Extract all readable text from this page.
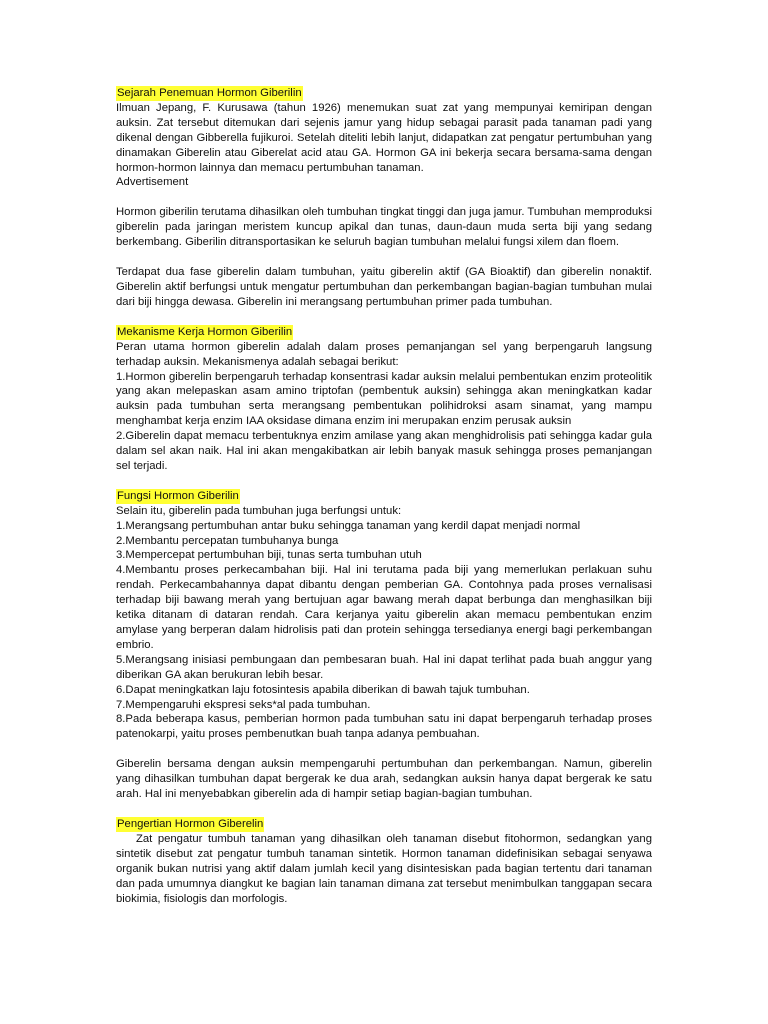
Sejarah Penemuan Hormon Giberilin

Ilmuan Jepang, F. Kurusawa (tahun 1926) menemukan suat zat yang mempunyai kemiripan dengan auksin. Zat tersebut ditemukan dari sejenis jamur yang hidup sebagai parasit pada tanaman padi yang dikenal dengan Gibberella fujikuroi. Setelah diteliti lebih lanjut, didapatkan zat pengatur pertumbuhan yang dinamakan Giberelin atau Giberelat acid atau GA. Hormon GA ini bekerja secara bersama-sama dengan hormon-hormon lainnya dan memacu pertumbuhan tanaman.

Advertisement

Hormon giberilin terutama dihasilkan oleh tumbuhan tingkat tinggi dan juga jamur. Tumbuhan memproduksi giberelin pada jaringan meristem kuncup apikal dan tunas, daun-daun muda serta biji yang sedang berkembang. Giberilin ditransportasikan ke seluruh bagian tumbuhan melalui fungsi xilem dan floem.

Terdapat dua fase giberelin dalam tumbuhan, yaitu giberelin aktif (GA Bioaktif) dan giberelin nonaktif. Giberelin aktif berfungsi untuk mengatur pertumbuhan dan perkembangan bagian-bagian tumbuhan mulai dari biji hingga dewasa. Giberelin ini merangsang pertumbuhan primer pada tumbuhan.

Mekanisme Kerja Hormon Giberilin

Peran utama hormon giberelin adalah dalam proses pemanjangan sel yang berpengaruh langsung terhadap auksin. Mekanismenya adalah sebagai berikut:

1.Hormon giberelin berpengaruh terhadap konsentrasi kadar auksin melalui pembentukan enzim proteolitik yang akan melepaskan asam amino triptofan (pembentuk auksin) sehingga akan meningkatkan kadar auksin pada tumbuhan serta merangsang pembentukan polihidroksi asam sinamat, yang mampu menghambat kerja enzim IAA oksidase dimana enzim ini merupakan enzim perusak auksin

2.Giberelin dapat memacu terbentuknya enzim amilase yang akan menghidrolisis pati sehingga kadar gula dalam sel akan naik. Hal ini akan mengakibatkan air lebih banyak masuk sehingga proses pemanjangan sel terjadi.

Fungsi Hormon Giberilin

Selain itu, giberelin pada tumbuhan juga berfungsi untuk:

1.Merangsang pertumbuhan antar buku sehingga tanaman yang kerdil dapat menjadi normal

2.Membantu percepatan tumbuhanya bunga

3.Mempercepat pertumbuhan biji, tunas serta tumbuhan utuh

4.Membantu proses perkecambahan biji. Hal ini terutama pada biji yang memerlukan perlakuan suhu rendah. Perkecambahannya dapat dibantu dengan pemberian GA. Contohnya pada proses vernalisasi terhadap biji bawang merah yang bertujuan agar bawang merah dapat berbunga dan menghasilkan biji ketika ditanam di dataran rendah. Cara kerjanya yaitu giberelin akan memacu pembentukan enzim amylase yang berperan dalam hidrolisis pati dan protein sehingga tersedianya energi bagi perkembangan embrio.

5.Merangsang inisiasi pembungaan dan pembesaran buah. Hal ini dapat terlihat pada buah anggur yang diberikan GA akan berukuran lebih besar.

6.Dapat meningkatkan laju fotosintesis apabila diberikan di bawah tajuk tumbuhan.

7.Mempengaruhi ekspresi seks*al pada tumbuhan.

8.Pada beberapa kasus, pemberian hormon pada tumbuhan satu ini dapat berpengaruh terhadap proses patenokarpi, yaitu proses pembenutkan buah tanpa adanya pembuahan.

Giberelin bersama dengan auksin mempengaruhi pertumbuhan dan perkembangan. Namun, giberelin yang dihasilkan tumbuhan dapat bergerak ke dua arah, sedangkan auksin hanya dapat bergerak ke satu arah. Hal ini menyebabkan giberelin ada di hampir setiap bagian-bagian tumbuhan.

Pengertian Hormon Giberelin

Zat pengatur tumbuh tanaman yang dihasilkan oleh tanaman disebut fitohormon, sedangkan yang sintetik disebut zat pengatur tumbuh tanaman sintetik. Hormon tanaman didefinisikan sebagai senyawa organik bukan nutrisi yang aktif dalam jumlah kecil yang disintesiskan pada bagian tertentu dari tanaman dan pada umumnya diangkut ke bagian lain tanaman dimana zat tersebut menimbulkan tanggapan secara biokimia, fisiologis dan morfologis.
